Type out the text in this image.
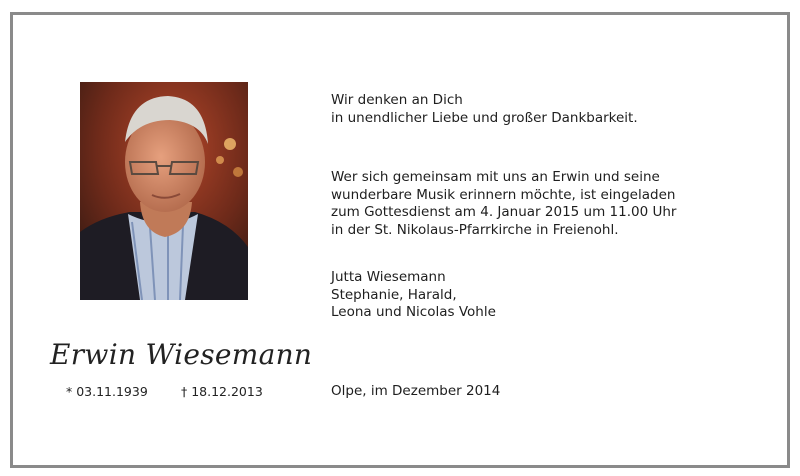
Wir denken an Dich
in unendlicher Liebe und großer Dankbarkeit.
Wer sich gemeinsam mit uns an Erwin und seine
wunderbare Musik erinnern möchte, ist eingeladen
zum Gottesdienst am 4. Januar 2015 um 11.00 Uhr
in der St. Nikolaus-Pfarrkirche in Freienohl.
Jutta Wiesemann
Stephanie, Harald,
Leona und Nicolas Vohle
Olpe, im Dezember 2014
Erwin Wiesemann
* 03.11.1939	† 18.12.2013
